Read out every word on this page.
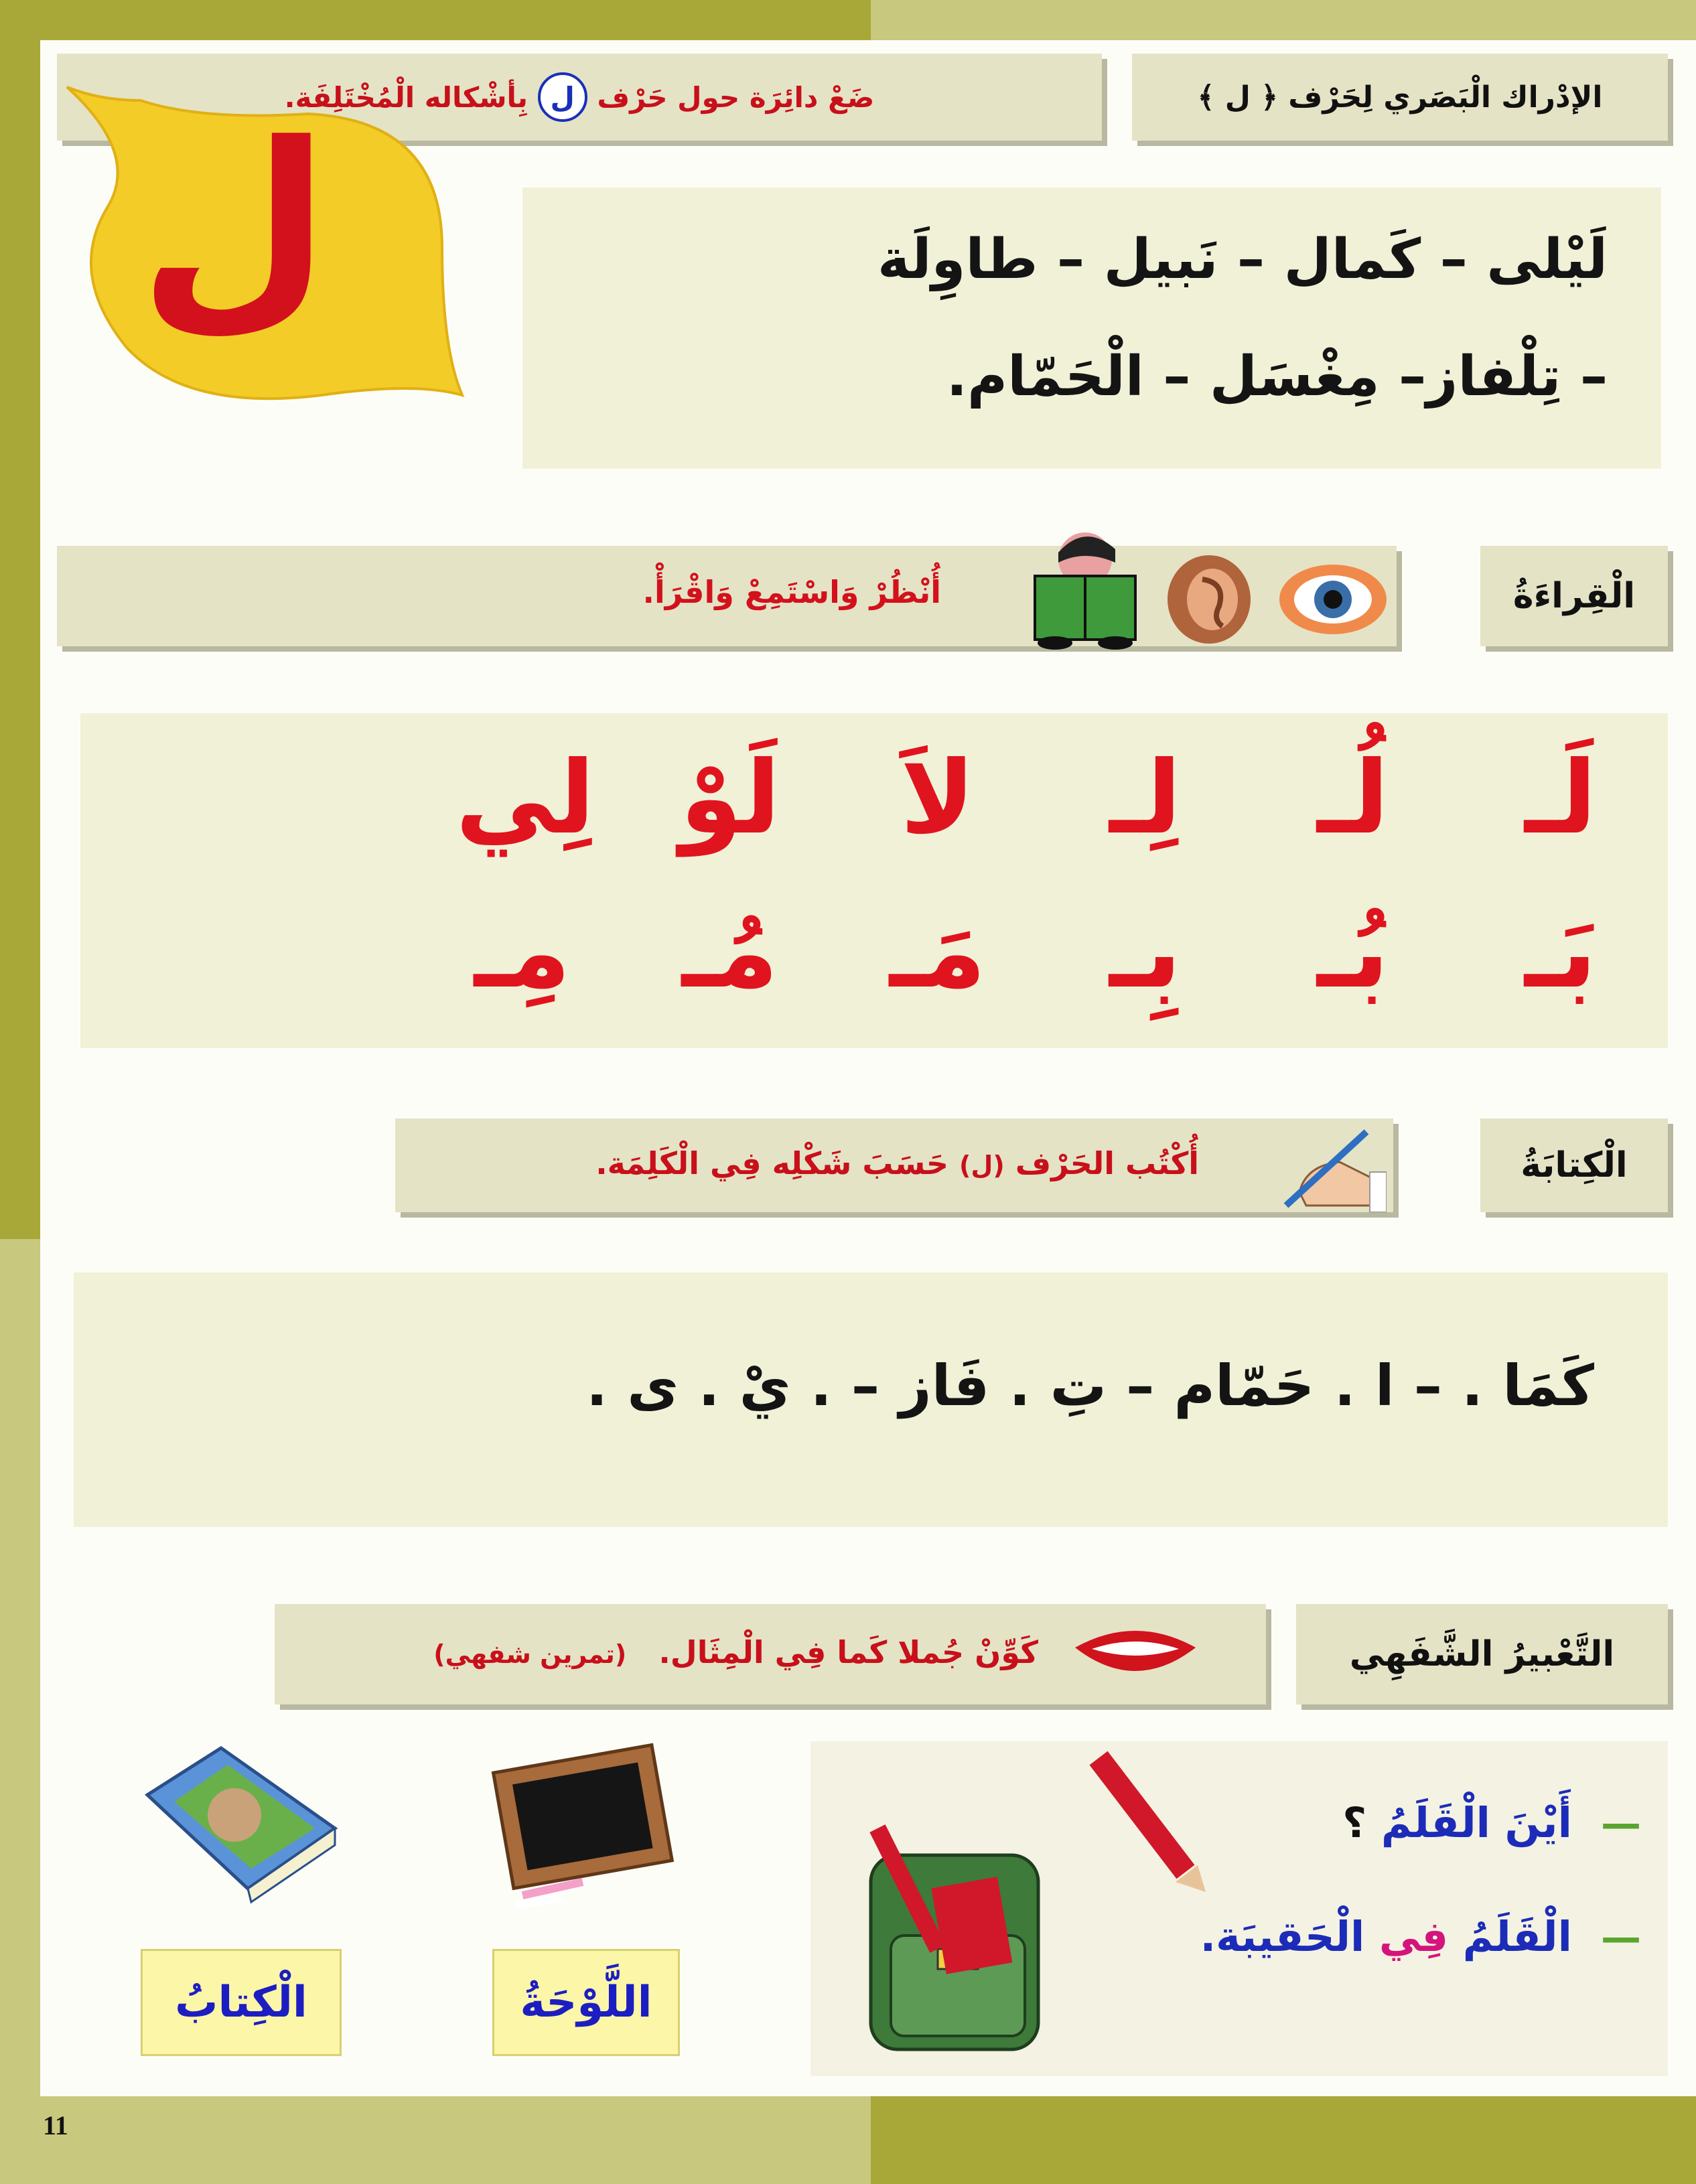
11
الإدْراك الْبَصَري لِحَرْف ﴿ ل ﴾
ضَعْ دائِرَة حول حَرْف

ل

بِأشْكاله الْمُخْتَلِفَة.
ل	لَيْلى – كَمال – نَبيل – طاوِلَة
– تِلْفاز– مِغْسَل – الْحَمّام.
الْقِراءَةُ
أُنْظُرْ وَاسْتَمِعْ وَاقْرَأْ.
لَـ
لُـ
لِـ
لاَ
لَوْ
لِي
بَـ
بُـ
بِـ
مَـ
مُـ
مِـ
الْكِتابَةُ
أُكْتُب الحَرْف (ل) حَسَبَ شَكْلِه فِي الْكَلِمَة.
كَمَا . – ا . حَمّام – تِ . فَاز – . يْ . ى .
التَّعْبيرُ الشَّفَهِي
كَوِّنْ جُملا كَما فِي الْمِثَال.   (تمرين شفهي)
—  أَيْنَ الْقَلَمُ ؟
—  الْقَلَمُ فِي الْحَقيبَة.
اللَّوْحَةُ
الْكِتابُ
